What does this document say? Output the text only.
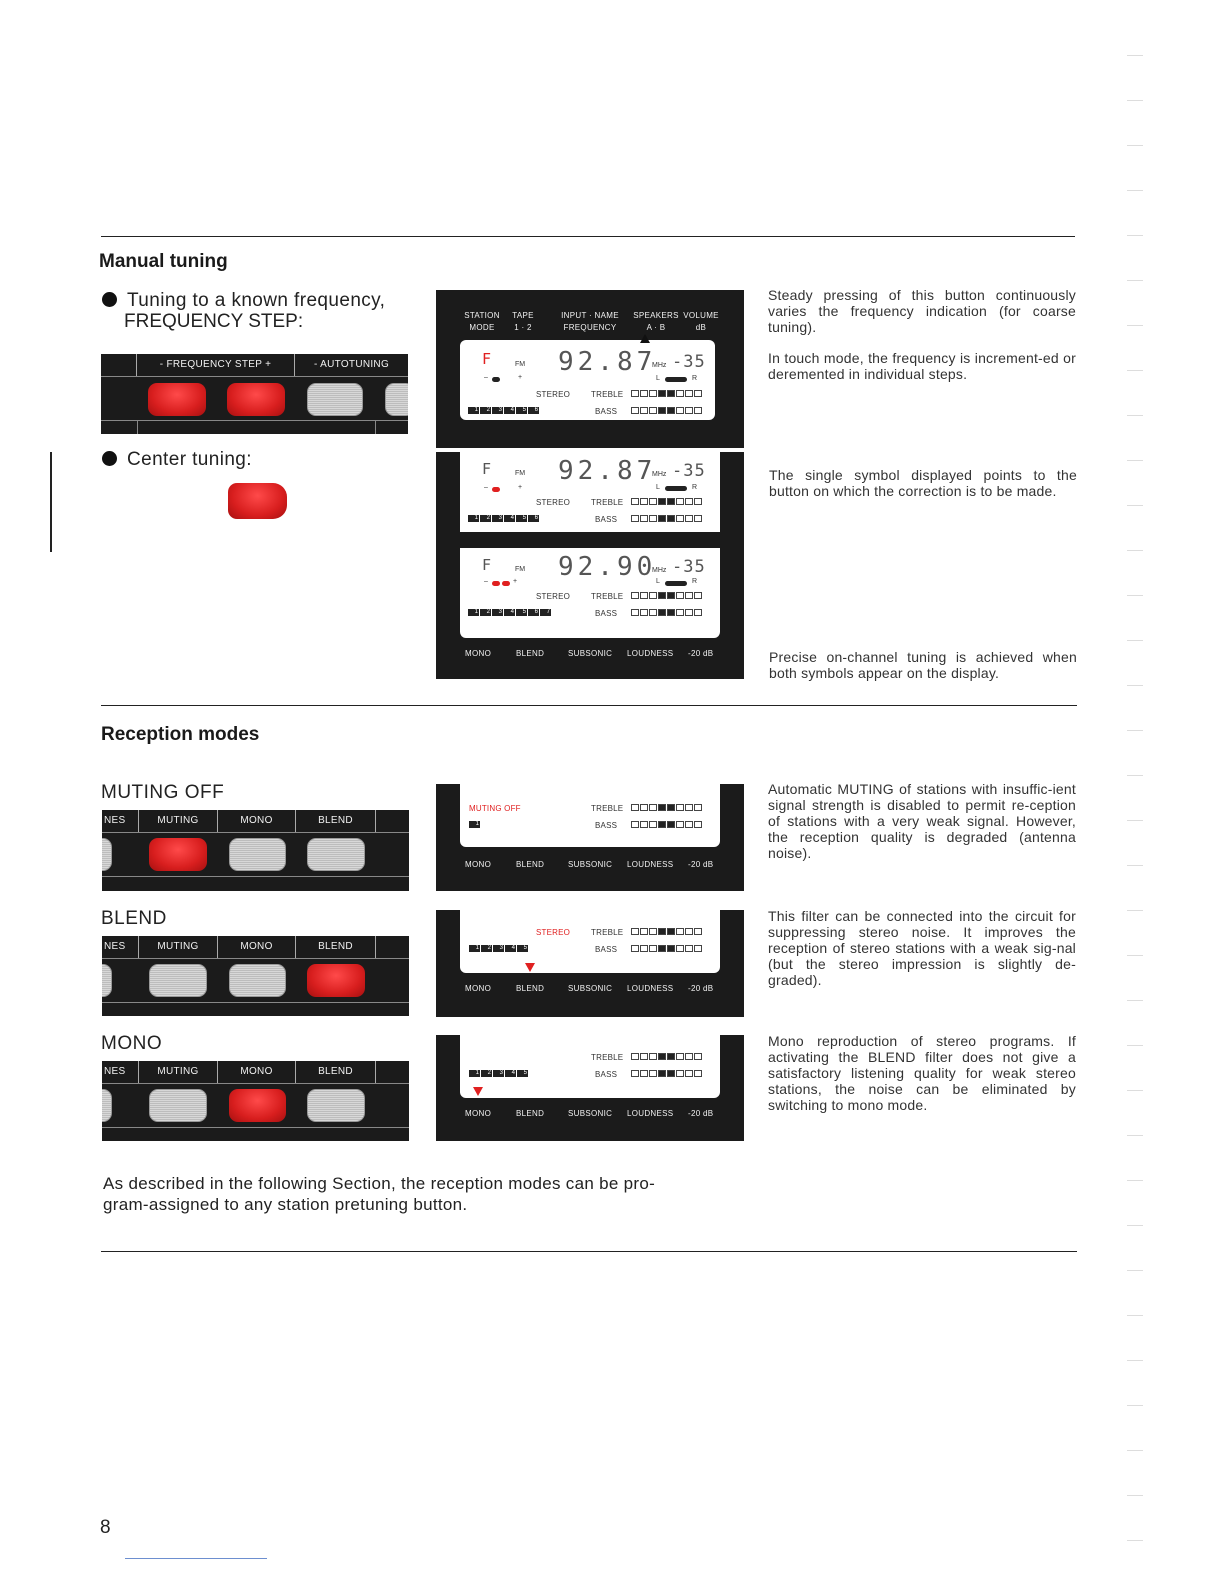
Manual tuning
Tuning to a known frequency,
FREQUENCY STEP:
- FREQUENCY STEP +	- AUTOTUNING
Center tuning:
STATION
MODE
TAPE
1 · 2
INPUT · NAME
FREQUENCY
SPEAKERS
A · B
VOLUME
dB
F	FM
–	+
92.87
MHz -35
L	R
STEREO	TREBLE
1	2	3	4	5	6	BASS
F	FM
–	+
92.87
MHz -35
L	R
STEREO	TREBLE
1	2	3	4	5	6	BASS
F	FM
–	+ 92.90
MHz -35
L	R
STEREO	TREBLE
1	2	3	4	5	6	7	BASS
MONO	BLEND	SUBSONIC LOUDNESS -20 dB
Steady pressing of this button continuously varies the frequency indication (for coarse tuning).
In touch mode, the frequency is increment-ed or deremented in individual steps.
The single symbol displayed points to the button on which the correction is to be made.
Precise on-channel tuning is achieved when both symbols appear on the display.
Reception modes
MUTING OFF
NES	MUTING	MONO	BLEND
MUTING OFF	TREBLE
1	BASS
MONO	BLEND	SUBSONIC LOUDNESS -20 dB
Automatic MUTING of stations with insuffic-ient signal strength is disabled to permit re-ception of stations with a very weak signal. However, the reception quality is degraded (antenna noise).
BLEND
NES	MUTING	MONO	BLEND
STEREO	TREBLE
1	2	3	4	5	BASS
MONO	BLEND	SUBSONIC LOUDNESS -20 dB
This filter can be connected into the circuit for suppressing stereo noise. It improves the reception of stereo stations with a weak sig-nal (but the stereo impression is slightly de-graded).
MONO
NES	MUTING	MONO	BLEND
TREBLE
1	2	3	4	5	BASS
MONO	BLEND	SUBSONIC LOUDNESS -20 dB
Mono reproduction of stereo programs. If activating the BLEND filter does not give a satisfactory listening quality for weak stereo stations, the noise can be eliminated by switching to mono mode.
As described in the following Section, the reception modes can be pro-
gram-assigned to any station pretuning button.
8
